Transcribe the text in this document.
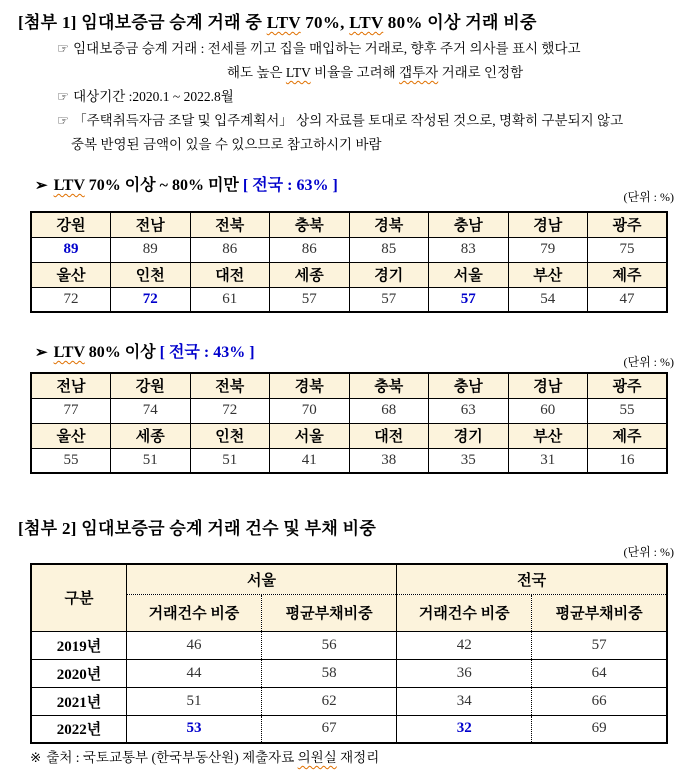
[첨부 1] 임대보증금 승계 거래 중 LTV 70%, LTV 80% 이상 거래 비중
☞ 임대보증금 승계 거래 : 전세를 끼고 집을 매입하는 거래로, 향후 주거 의사를 표시 했다고
해도 높은 LTV 비율을 고려해 갭투자 거래로 인정함
☞ 대상기간 :2020.1 ~ 2022.8월
☞ 「주택취득자금 조달 및 입주계획서」 상의 자료를 토대로 작성된 것으로, 명확히 구분되지 않고
중복 반영된 금액이 있을 수 있으므로 참고하시기 바람
➢ LTV 70% 이상 ~ 80% 미만 [ 전국 : 63% ]
(단위 : %)
강원	전남	전북	충북	경북	충남	경남	광주
89	89	86	86	85	83	79	75
울산	인천	대전	세종	경기	서울	부산	제주
72	72	61	57	57	57	54	47
➢ LTV 80% 이상 [ 전국 : 43% ]
(단위 : %)
전남	강원	전북	경북	충북	충남	경남	광주
77	74	72	70	68	63	60	55
울산	세종	인천	서울	대전	경기	부산	제주
55	51	51	41	38	35	31	16
[첨부 2] 임대보증금 승계 거래 건수 및 부채 비중
(단위 : %)
구분	서울		전국	
	거래건수 비중	평균부채비중	거래건수 비중	평균부채비중
2019년	46	56	42	57
2020년	44	58	36	64
2021년	51	62	34	66
2022년	53	67	32	69
※ 출처 : 국토교통부 (한국부동산원) 제출자료 의원실 재정리
